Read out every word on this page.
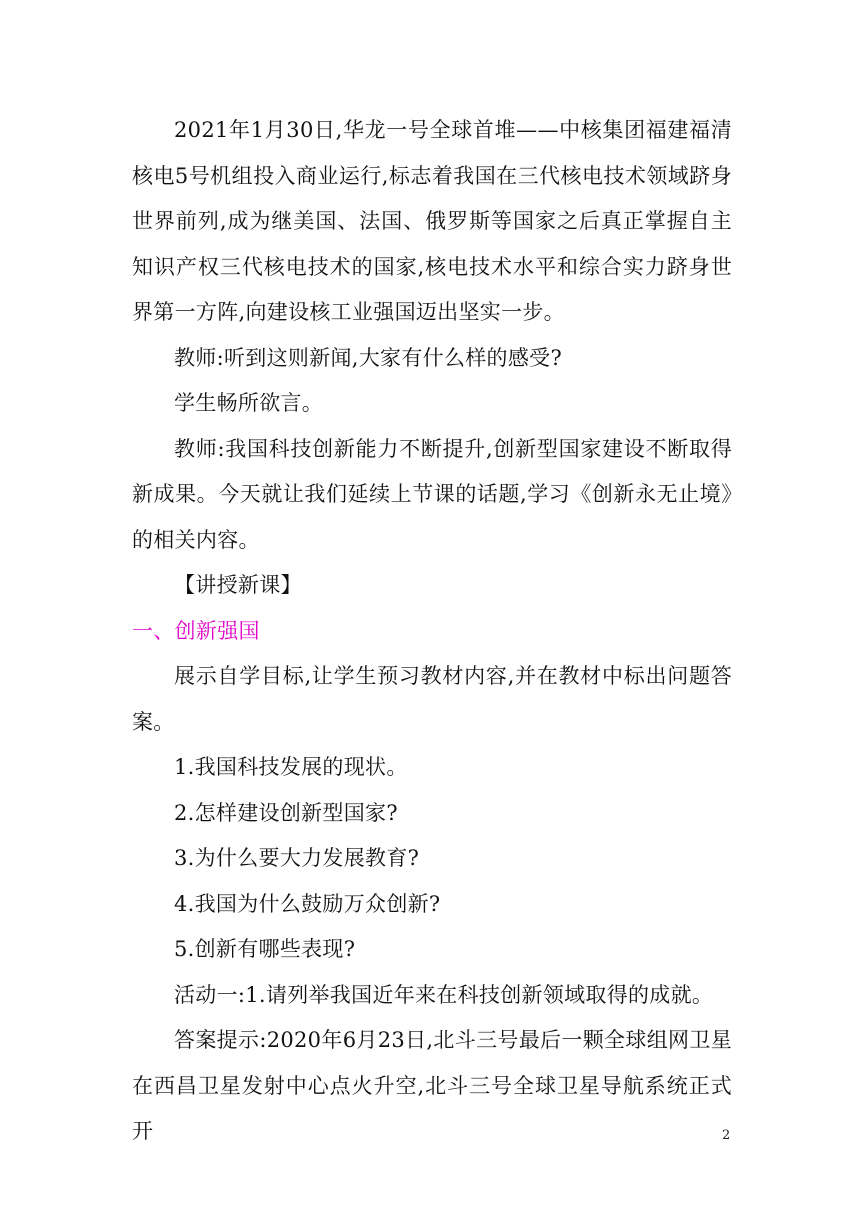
2021年1月30日,华龙一号全球首堆——中核集团福建福清核电5号机组投入商业运行,标志着我国在三代核电技术领域跻身世界前列,成为继美国、法国、俄罗斯等国家之后真正掌握自主知识产权三代核电技术的国家,核电技术水平和综合实力跻身世界第一方阵,向建设核工业强国迈出坚实一步。

教师:听到这则新闻,大家有什么样的感受?

学生畅所欲言。

教师:我国科技创新能力不断提升,创新型国家建设不断取得新成果。今天就让我们延续上节课的话题,学习《创新永无止境》的相关内容。

【讲授新课】

一、创新强国

展示自学目标,让学生预习教材内容,并在教材中标出问题答案。

1.我国科技发展的现状。

2.怎样建设创新型国家?

3.为什么要大力发展教育?

4.我国为什么鼓励万众创新?

5.创新有哪些表现?

活动一:1.请列举我国近年来在科技创新领域取得的成就。

答案提示:2020年6月23日,北斗三号最后一颗全球组网卫星在西昌卫星发射中心点火升空,北斗三号全球卫星导航系统正式开	2
